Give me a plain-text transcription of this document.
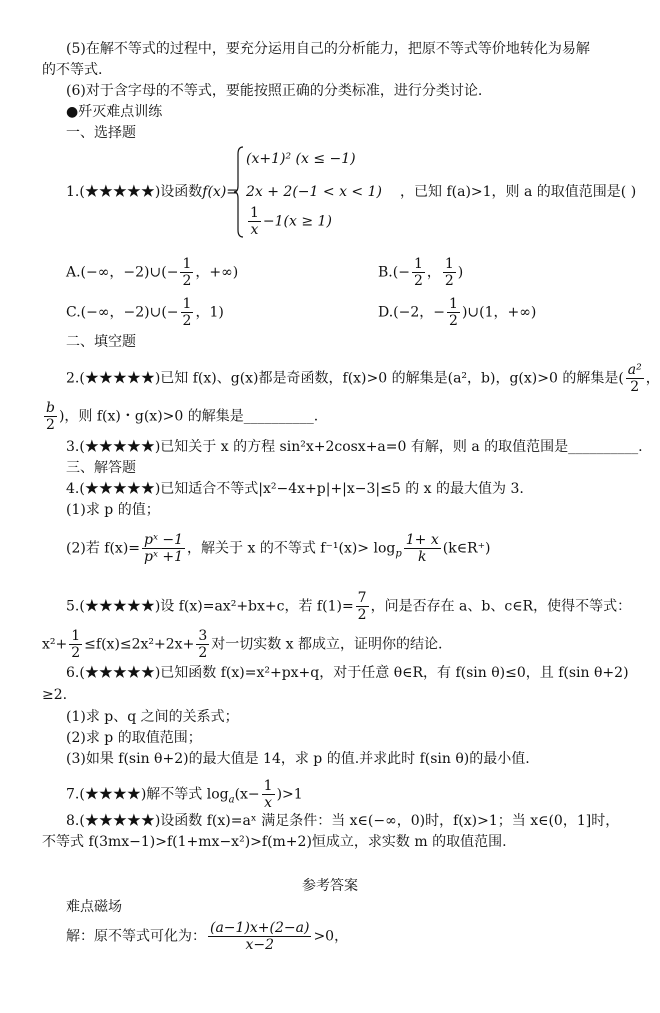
(5)在解不等式的过程中，要充分运用自己的分析能力，把原不等式等价地转化为易解
的不等式.
(6)对于含字母的不等式，要能按照正确的分类标准，进行分类讨论.
●歼灭难点训练
一、选择题
1.(★★★★★)设函数f(x)=
(x+1)² (x ≤ −1)
2x + 2(−1 < x < 1)
$\frac{1}{x} -1(x \ge 1)$
，已知 f(a)>1，则 a 的取值范围是( )
A.(−∞，−2)∪(− $\frac{1}{2}$ ，+∞)	$B.(- \frac{1}{2}$ ， $\frac{1}{2}$ )
C.(−∞，−2)∪(− $\frac{1}{2}$ ，1)	D.(−2，− $\frac{1}{2}$ )∪(1，+∞)
二、填空题
2.(★★★★★)已知 f(x)、g(x)都是奇函数，f(x)>0 的解集是(a²，b)，g(x)>0 的解集是( $\frac{\text{a²}}{2}$ ，
$\frac{b}{2}$ )，则 f(x)・g(x)>0 的解集是__________.
3.(★★★★★)已知关于 x 的方程 sin²x+2cosx+a=0 有解，则 a 的取值范围是__________.
三、解答题
4.(★★★★★)已知适合不等式|x²−4x+p|+|x−3|≤5 的 x 的最大值为 3.
(1)求 p 的值；
(2)若 $f(x)= \frac{\text{pˣ −1}}{\text{pˣ +1}}$ ，解关于 x 的不等式 $f^{-1}(x)> \log_p \frac{1+ x}{k}$ (k∈R⁺)
5.(★★★★★)设 f(x)=ax²+bx+c，若 $f(1)= \frac{7}{2}$ ，问是否存在 a、b、c∈R，使得不等式：
$x^2+ \frac{1}{2} \le f(x)\le 2x^2+2x+ \frac{3}{2}$ 对一切实数 x 都成立，证明你的结论.
6.(★★★★★)已知函数 f(x)=x²+px+q，对于任意 θ∈R，有 f(sin θ)≤0，且 f(sin θ+2)
≥2.
(1)求 p、q 之间的关系式；
(2)求 p 的取值范围；
(3)如果 f(sin θ+2)的最大值是 14，求 p 的值.并求此时 f(sin θ)的最小值.
7.(★★★★)解不等式 $\log_a(x- \frac{1}{x} )>1$
8.(★★★★★)设函数 f(x)=aˣ 满足条件：当 x∈(−∞，0)时，f(x)>1；当 x∈(0，1]时，
不等式 f(3mx−1)>f(1+mx−x²)>f(m+2)恒成立，求实数 m 的取值范围.
参考答案
难点磁场
解：原不等式可化为： $\frac{(a-1)x+(2-a)}{x-2} >0$，
